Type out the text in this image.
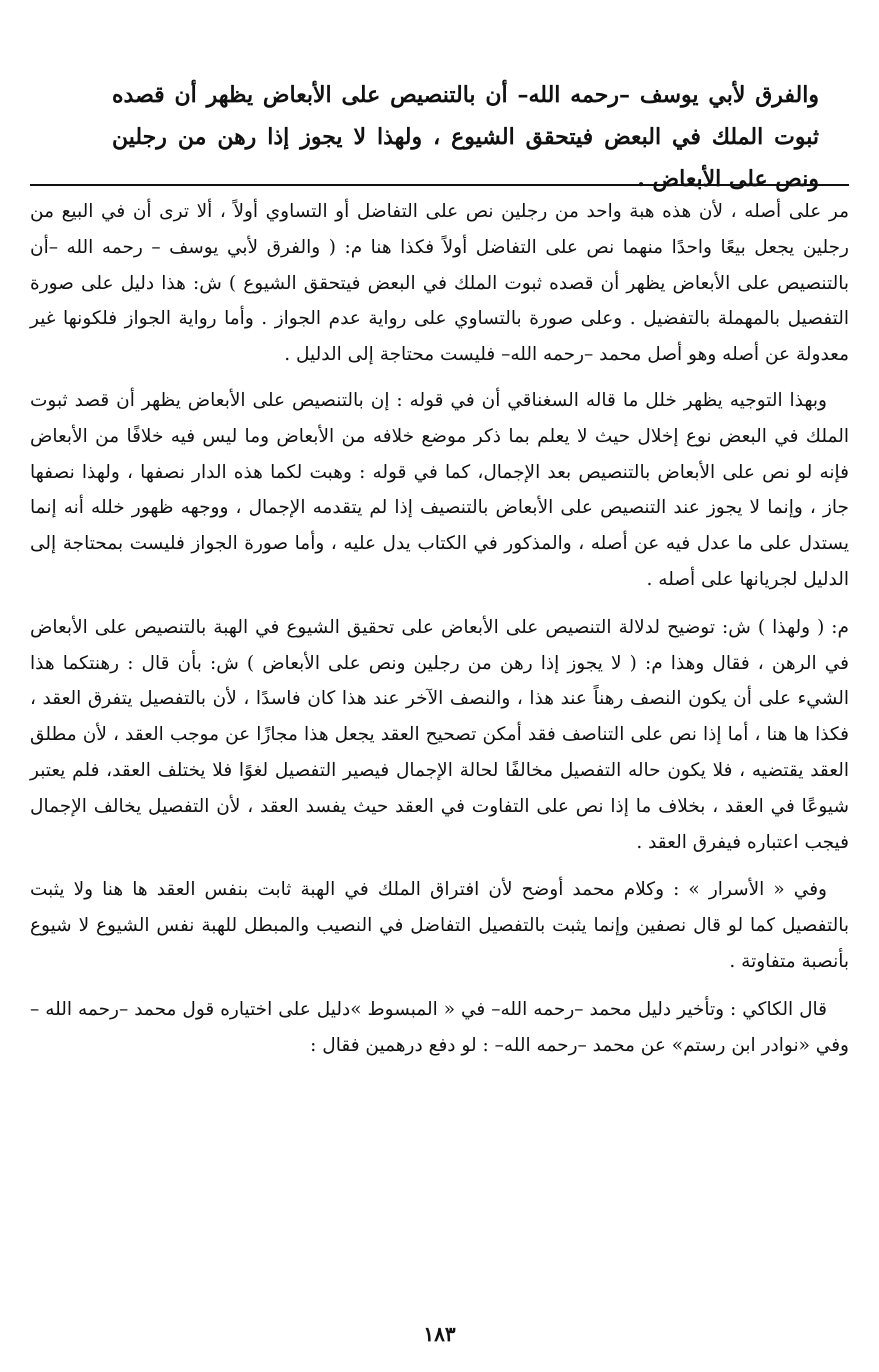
والفرق لأبي يوسف –رحمه الله– أن بالتنصيص على الأبعاض يظهر أن قصده ثبوت الملك في البعض فيتحقق الشيوع ، ولهذا لا يجوز إذا رهن من رجلين ونص على الأبعاض .

مر على أصله ، لأن هذه هبة واحد من رجلين نص على التفاضل أو التساوي أولاً ، ألا ترى أن في البيع من رجلين يجعل بيعًا واحدًا منهما نص على التفاضل أولاً فكذا هنا م: ( والفرق لأبي يوسف – رحمه الله –أن بالتنصيص على الأبعاض يظهر أن قصده ثبوت الملك في البعض فيتحقق الشيوع ) ش: هذا دليل على صورة التفصيل بالمهملة بالتفضيل . وعلى صورة بالتساوي على رواية عدم الجواز . وأما رواية الجواز فلكونها غير معدولة عن أصله وهو أصل محمد –رحمه الله– فليست محتاجة إلى الدليل .

وبهذا التوجيه يظهر خلل ما قاله السغناقي أن في قوله : إن بالتنصيص على الأبعاض يظهر أن قصد ثبوت الملك في البعض نوع إخلال حيث لا يعلم بما ذكر موضع خلافه من الأبعاض وما ليس فيه خلافًا من الأبعاض فإنه لو نص على الأبعاض بالتنصيص بعد الإجمال، كما في قوله : وهبت لكما هذه الدار نصفها ، ولهذا نصفها جاز ، وإنما لا يجوز عند التنصيص على الأبعاض بالتنصيف إذا لم يتقدمه الإجمال ، ووجهه ظهور خلله أنه إنما يستدل على ما عدل فيه عن أصله ، والمذكور في الكتاب يدل عليه ، وأما صورة الجواز فليست بمحتاجة إلى الدليل لجريانها على أصله .

م: ( ولهذا ) ش: توضيح لدلالة التنصيص على الأبعاض على تحقيق الشيوع في الهبة بالتنصيص على الأبعاض في الرهن ، فقال وهذا م: ( لا يجوز إذا رهن من رجلين ونص على الأبعاض ) ش: بأن قال : رهنتكما هذا الشيء على أن يكون النصف رهناً عند هذا ، والنصف الآخر عند هذا كان فاسدًا ، لأن بالتفصيل يتفرق العقد ، فكذا ها هنا ، أما إذا نص على التناصف فقد أمكن تصحيح العقد يجعل هذا مجازًا عن موجب العقد ، لأن مطلق العقد يقتضيه ، فلا يكون حاله التفصيل مخالفًا لحالة الإجمال فيصير التفصيل لغوًا فلا يختلف العقد، فلم يعتبر شيوعًا في العقد ، بخلاف ما إذا نص على التفاوت في العقد حيث يفسد العقد ، لأن التفصيل يخالف الإجمال فيجب اعتباره فيفرق العقد .

وفي « الأسرار » : وكلام محمد أوضح لأن افتراق الملك في الهبة ثابت بنفس العقد ها هنا ولا يثبت بالتفصيل كما لو قال نصفين وإنما يثبت بالتفصيل التفاضل في النصيب والمبطل للهبة نفس الشيوع لا شيوع بأنصبة متفاوتة .

قال الكاكي : وتأخير دليل محمد –رحمه الله– في « المبسوط »دليل على اختياره قول محمد –رحمه الله –وفي «نوادر ابن رستم» عن محمد –رحمه الله– : لو دفع درهمين فقال :

١٨٣
